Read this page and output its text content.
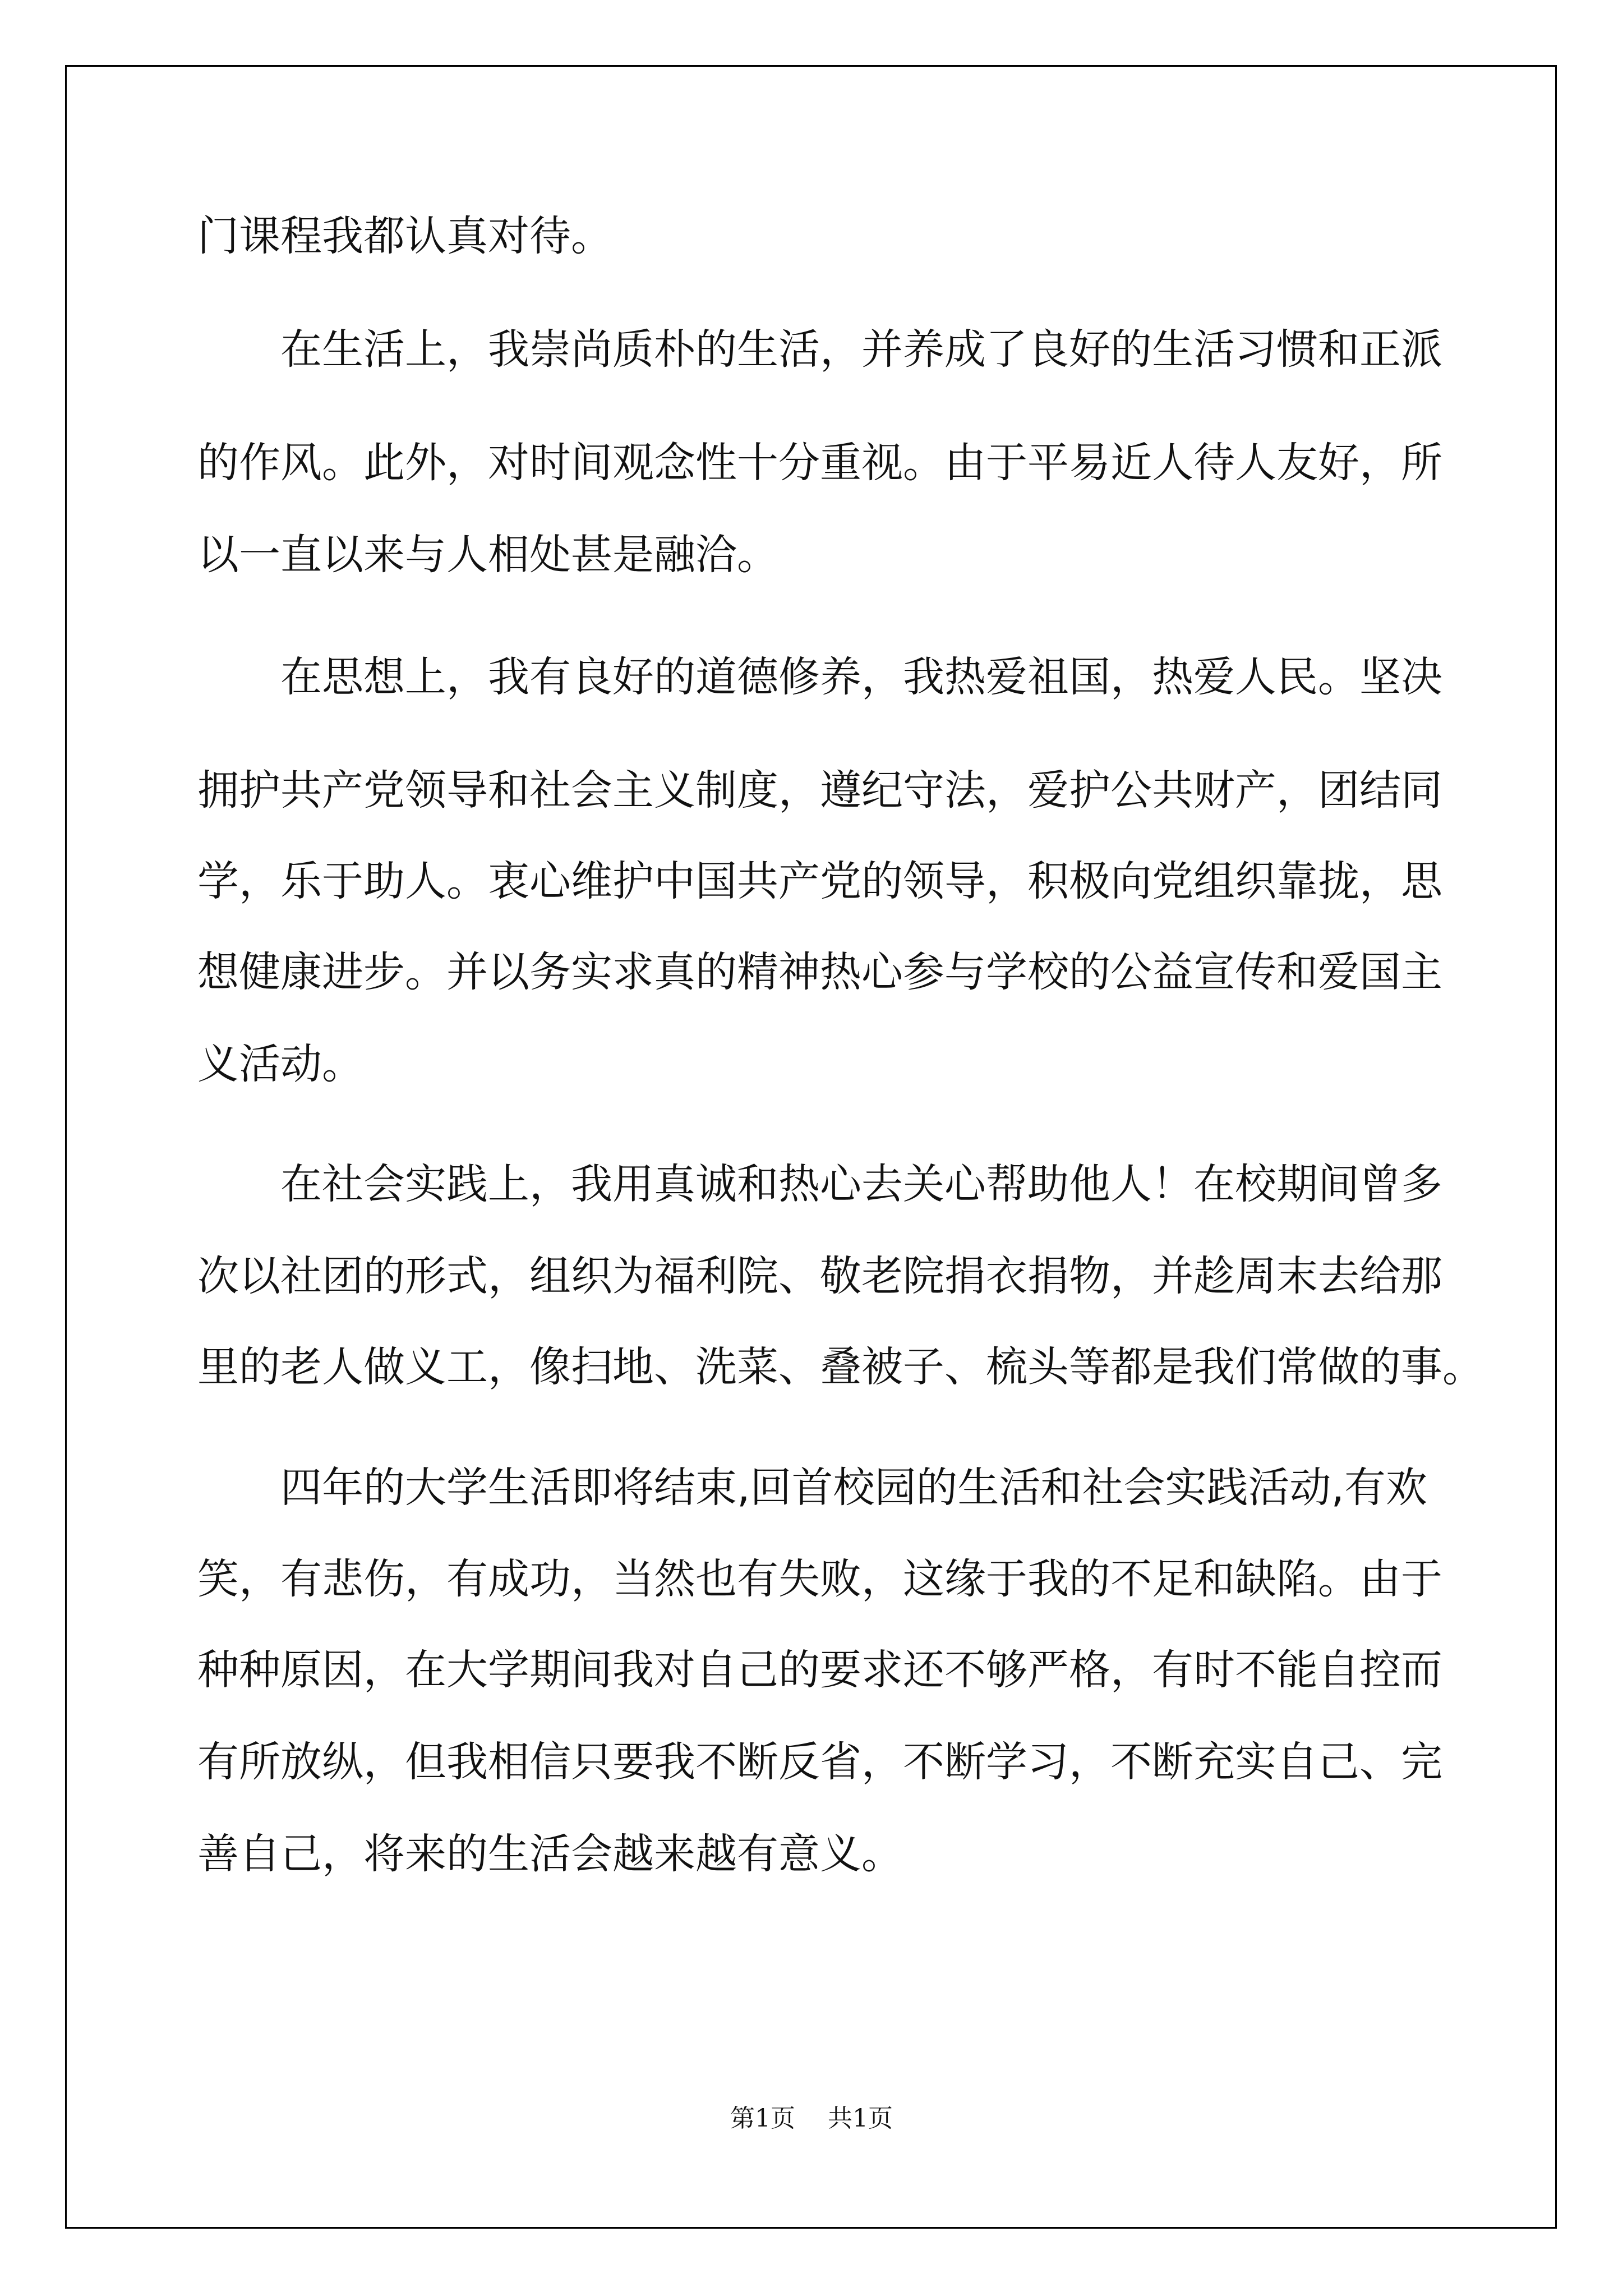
门课程我都认真对待。
在生活上，我崇尚质朴的生活，并养成了良好的生活习惯和正派
的作风。此外，对时间观念性十分重视。由于平易近人待人友好，所
以一直以来与人相处甚是融洽。
在思想上，我有良好的道德修养，我热爱祖国，热爱人民。坚决
拥护共产党领导和社会主义制度，遵纪守法，爱护公共财产，团结同
学，乐于助人。衷心维护中国共产党的领导，积极向党组织靠拢，思
想健康进步。并以务实求真的精神热心参与学校的公益宣传和爱国主
义活动。
在社会实践上，我用真诚和热心去关心帮助他人！在校期间曾多
次以社团的形式，组织为福利院、敬老院捐衣捐物，并趁周末去给那
里的老人做义工，像扫地、洗菜、叠被子、梳头等都是我们常做的事。
四年的大学生活即将结束,回首校园的生活和社会实践活动,有欢
笑，有悲伤，有成功，当然也有失败，这缘于我的不足和缺陷。由于
种种原因，在大学期间我对自己的要求还不够严格，有时不能自控而
有所放纵，但我相信只要我不断反省，不断学习，不断充实自己、完
善自己，将来的生活会越来越有意义。
第1页 共1页
